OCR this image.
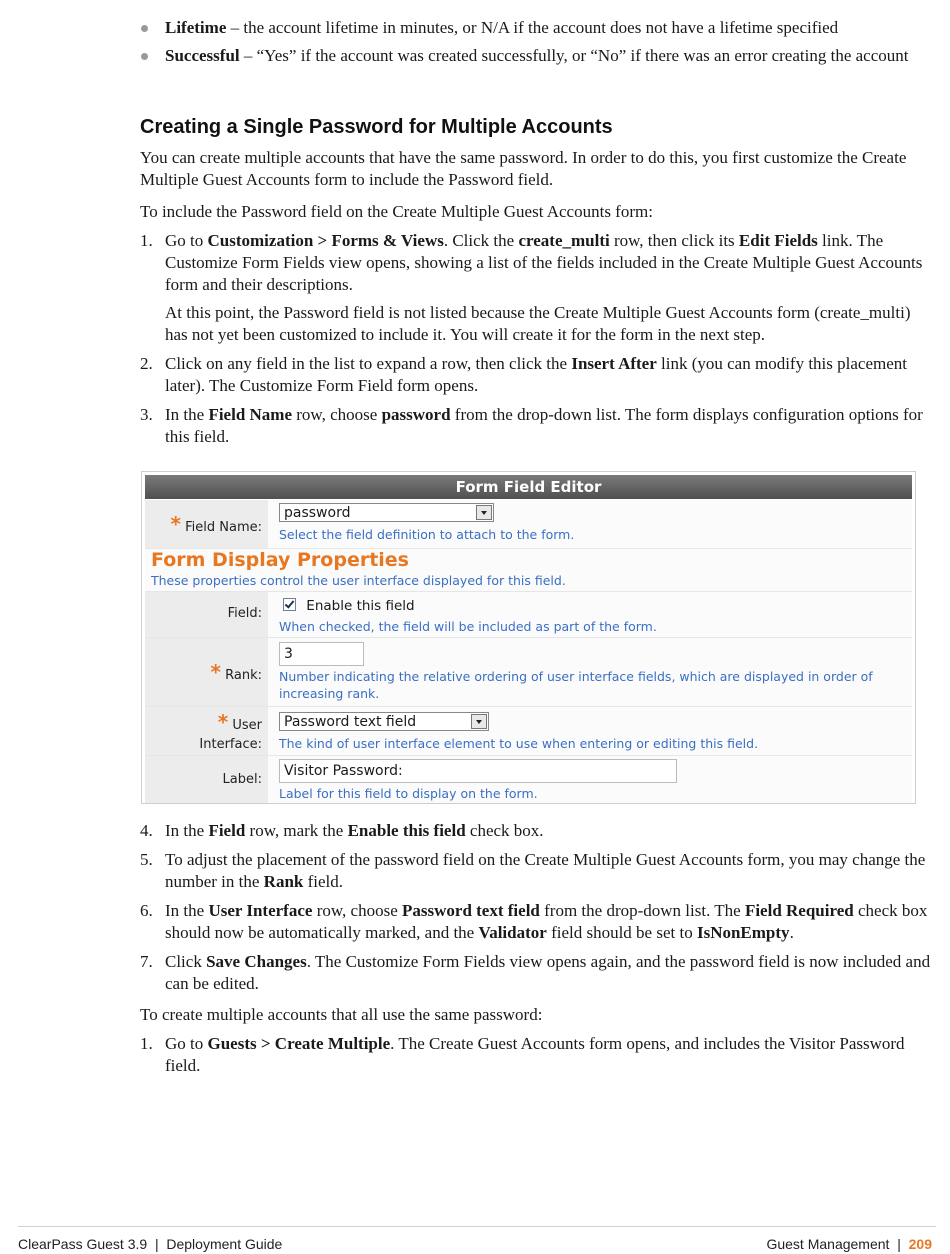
Lifetime – the account lifetime in minutes, or N/A if the account does not have a lifetime specified
Successful – “Yes” if the account was created successfully, or “No” if there was an error creating the account
Creating a Single Password for Multiple Accounts

You can create multiple accounts that have the same password. In order to do this, you first customize the Create Multiple Guest Accounts form to include the Password field.

To include the Password field on the Create Multiple Guest Accounts form:

1. Go to Customization > Forms & Views. Click the create_multi row, then click its Edit Fields link. The Customize Form Fields view opens, showing a list of the fields included in the Create Multiple Guest Accounts form and their descriptions.

At this point, the Password field is not listed because the Create Multiple Guest Accounts form (create_multi) has not yet been customized to include it. You will create it for the form in the next step.

2. Click on any field in the list to expand a row, then click the Insert After link (you can modify this placement later). The Customize Form Field form opens.

3. In the Field Name row, choose password from the drop-down list. The form displays configuration options for this field.

Form Field Editor
* Field Name:
password
Select the field definition to attach to the form.
Form Display Properties
These properties control the user interface displayed for this field.
Field:	Enable this field
When checked, the field will be included as part of the form.
* Rank:
3
Number indicating the relative ordering of user interface fields, which are displayed in order of increasing rank.
* User
Interface:
Password text field
The kind of user interface element to use when entering or editing this field.
Label:
Visitor Password:
Label for this field to display on the form.
4. In the Field row, mark the Enable this field check box.

5. To adjust the placement of the password field on the Create Multiple Guest Accounts form, you may change the number in the Rank field.

6. In the User Interface row, choose Password text field from the drop-down list. The Field Required check box should now be automatically marked, and the Validator field should be set to IsNonEmpty.

7. Click Save Changes. The Customize Form Fields view opens again, and the password field is now included and can be edited.

To create multiple accounts that all use the same password:

1. Go to Guests > Create Multiple. The Create Guest Accounts form opens, and includes the Visitor Password field.

ClearPass Guest 3.9 | Deployment Guide	Guest Management | 209
